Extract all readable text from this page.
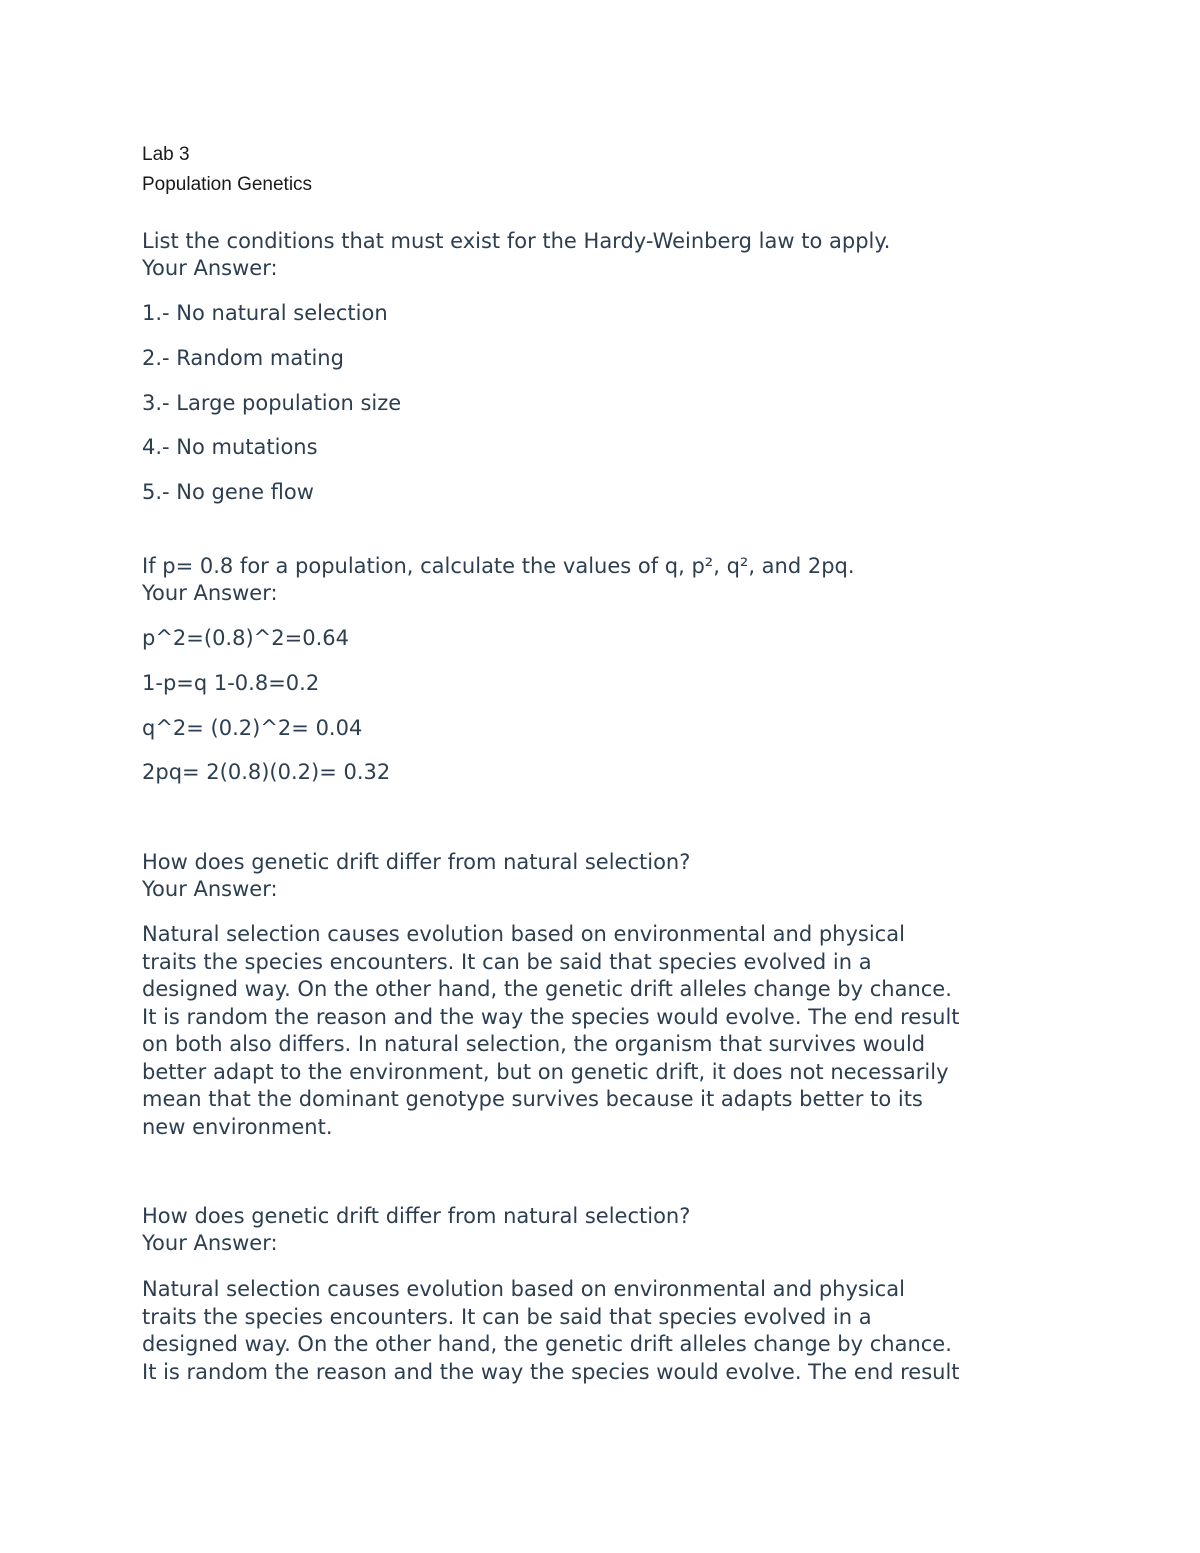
Lab 3
Population Genetics
List the conditions that must exist for the Hardy-Weinberg law to apply.
Your Answer:
1.- No natural selection
2.- Random mating
3.- Large population size
4.- No mutations
5.- No gene flow
If p= 0.8 for a population, calculate the values of q, p², q², and 2pq.
Your Answer:
p^2=(0.8)^2=0.64
1-p=q 1-0.8=0.2
q^2= (0.2)^2= 0.04
2pq= 2(0.8)(0.2)= 0.32
How does genetic drift differ from natural selection?
Your Answer:
Natural selection causes evolution based on environmental and physical
traits the species encounters. It can be said that species evolved in a
designed way. On the other hand, the genetic drift alleles change by chance.
It is random the reason and the way the species would evolve. The end result
on both also differs. In natural selection, the organism that survives would
better adapt to the environment, but on genetic drift, it does not necessarily
mean that the dominant genotype survives because it adapts better to its
new environment.
How does genetic drift differ from natural selection?
Your Answer:
Natural selection causes evolution based on environmental and physical
traits the species encounters. It can be said that species evolved in a
designed way. On the other hand, the genetic drift alleles change by chance.
It is random the reason and the way the species would evolve. The end result
